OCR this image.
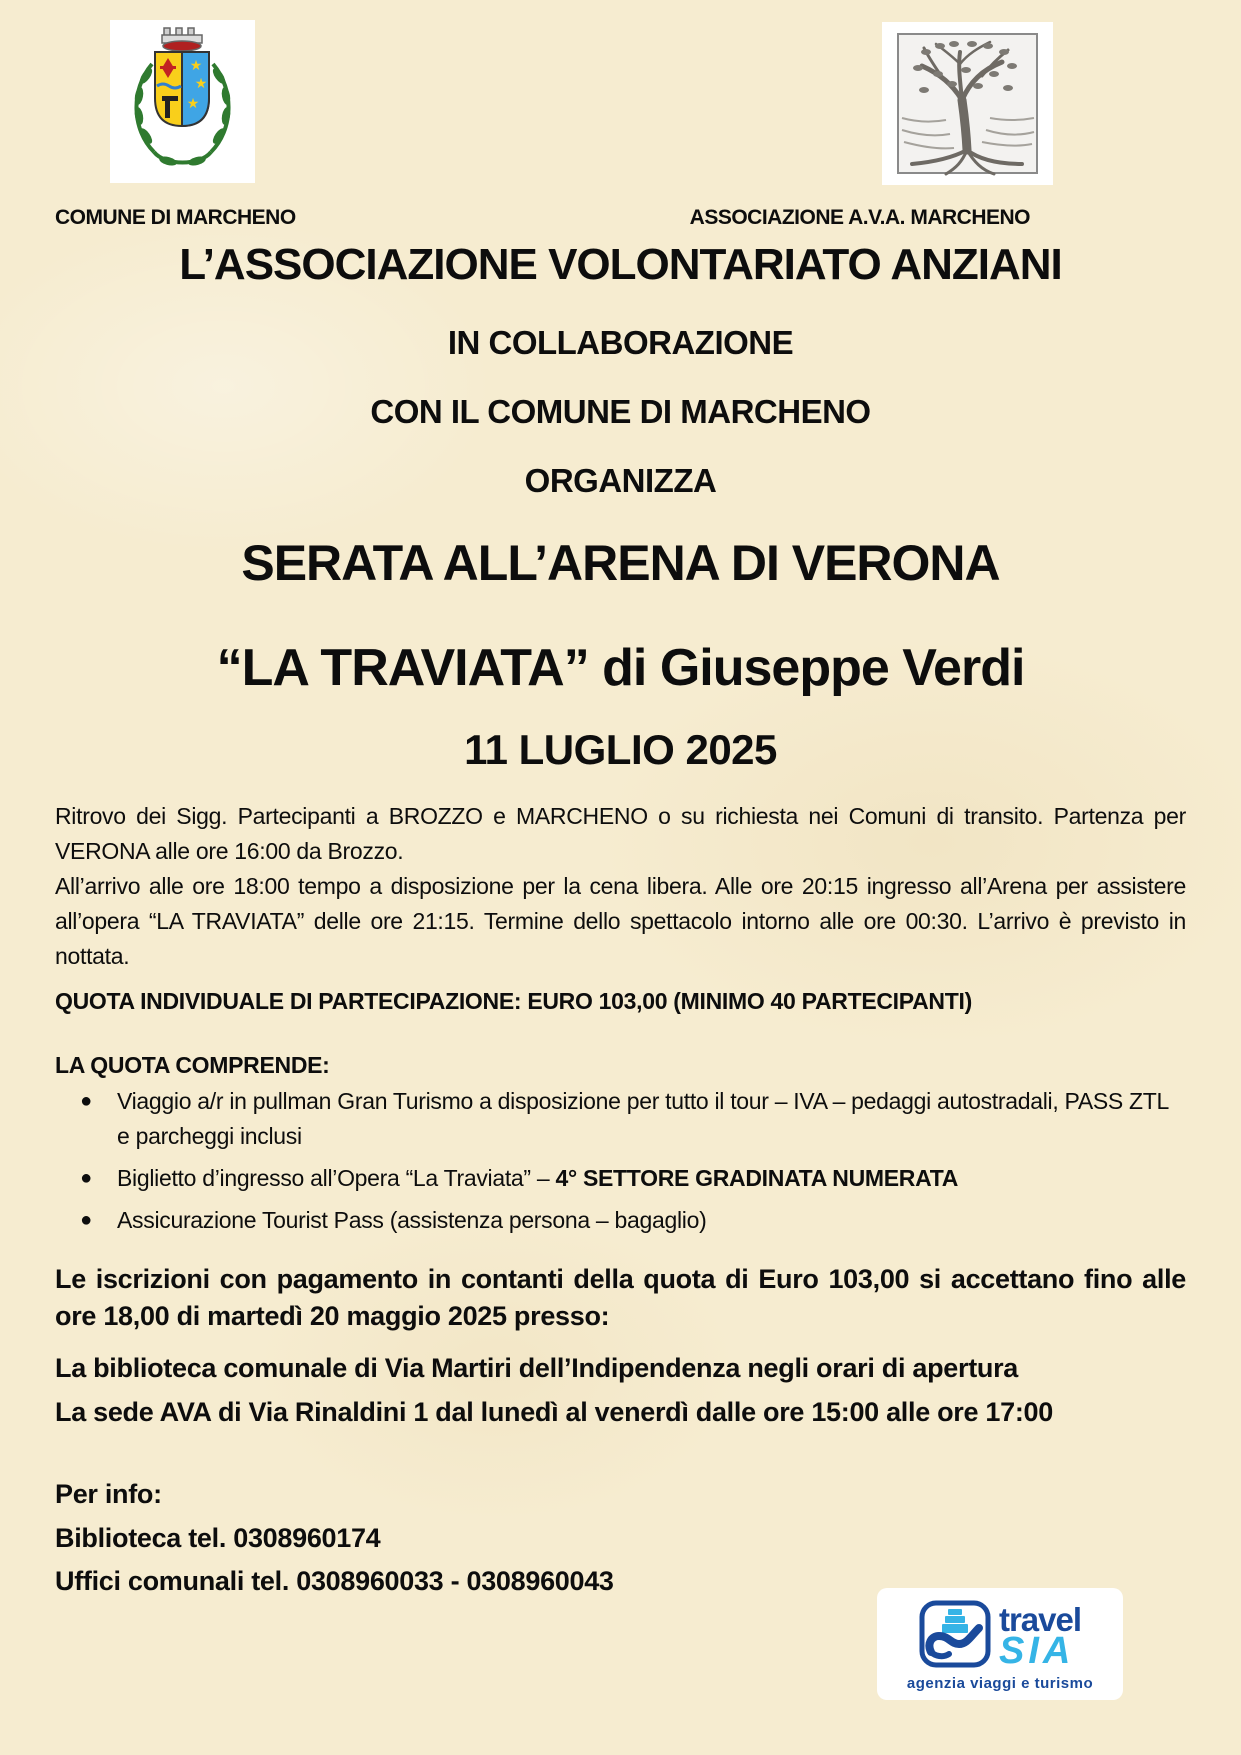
★
★
★
COMUNE DI MARCHENO	ASSOCIAZIONE A.V.A. MARCHENO
L’ASSOCIAZIONE VOLONTARIATO ANZIANI
IN COLLABORAZIONE
CON IL COMUNE DI MARCHENO
ORGANIZZA
SERATA ALL’ARENA DI VERONA
“LA TRAVIATA” di Giuseppe Verdi
11 LUGLIO 2025

Ritrovo dei Sigg. Partecipanti a BROZZO e MARCHENO o su richiesta nei Comuni di transito. Partenza per VERONA alle ore 16:00 da Brozzo.

All’arrivo alle ore 18:00 tempo a disposizione per la cena libera. Alle ore 20:15 ingresso all’Arena per assistere all’opera “LA TRAVIATA” delle ore 21:15. Termine dello spettacolo intorno alle ore 00:30. L’arrivo è previsto in nottata.

QUOTA INDIVIDUALE DI PARTECIPAZIONE: EURO 103,00 (MINIMO 40 PARTECIPANTI)
LA QUOTA COMPRENDE:
●	Viaggio a/r in pullman Gran Turismo a disposizione per tutto il tour – IVA – pedaggi autostradali, PASS ZTL e parcheggi inclusi
●	Biglietto d’ingresso all’Opera “La Traviata” – 4° SETTORE GRADINATA NUMERATA
●	Assicurazione Tourist Pass (assistenza persona – bagaglio)
Le iscrizioni con pagamento in contanti della quota di Euro 103,00 si accettano fino alle ore 18,00 di martedì 20 maggio 2025 presso:
La biblioteca comunale di Via Martiri dell’Indipendenza negli orari di apertura
La sede AVA di Via Rinaldini 1 dal lunedì al venerdì dalle ore 15:00 alle ore 17:00
Per info:
Biblioteca tel. 0308960174
Uffici comunali tel. 0308960033 - 0308960043
travel
SIA
agenzia viaggi e turismo
